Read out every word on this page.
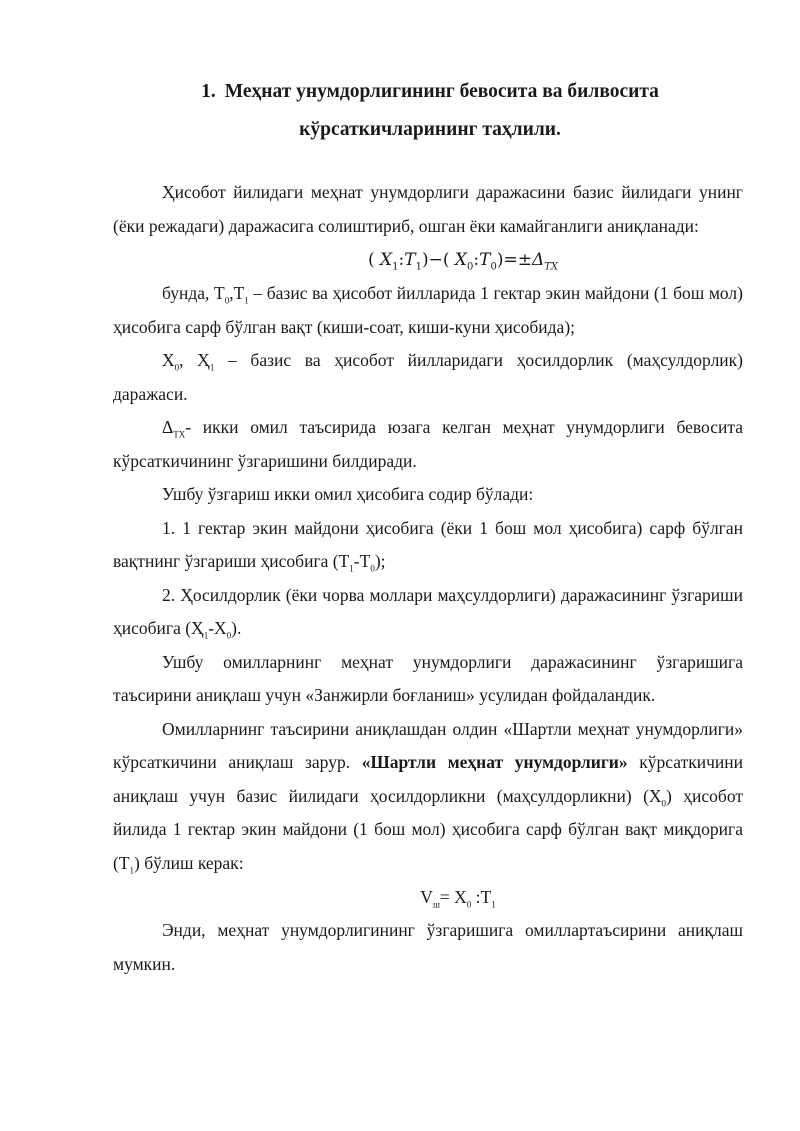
1. Меҳнат унумдорлигининг бевосита ва билвосита
кўрсаткичларининг таҳлили.

Ҳисобот йилидаги меҳнат унумдорлиги даражасини базис йилидаги унинг (ёки режадаги) даражасига солиштириб, ошган ёки камайганлиги аниқланади:

( $X_1:T_1)-$( $X_0:T_0)=\pm\Delta_{TX}$

бунда, $Т_0,Т_1$ – базис ва ҳисобот йилларида 1 гектар экин майдони (1 бош мол) ҳисобига сарф бўлган вақт (киши-соат, киши-куни ҳисобида);

$Х_0$, $Ҳ_1$ – базис ва ҳисобот йилларидаги ҳосилдорлик (маҳсулдорлик) даражаси.

$\Delta_{ТХ}-$ икки омил таъсирида юзага келган меҳнат унумдорлиги бевосита кўрсаткичининг ўзгаришини билдиради.

Ушбу ўзгариш икки омил ҳисобига содир бўлади:

1. 1 гектар экин майдони ҳисобига (ёки 1 бош мол ҳисобига) сарф бўлган вақтнинг ўзгариши ҳисобига $(Т_1-Т_0)$;

2. Ҳосилдорлик (ёки чорва моллари маҳсулдорлиги) даражасининг ўзгариши ҳисобига $(Ҳ_1-Х_0)$.

Ушбу омилларнинг меҳнат унумдорлиги даражасининг ўзгаришига таъсирини аниқлаш учун «Занжирли боғланиш» усулидан фойдаландик.

Омилларнинг таъсирини аниқлашдан олдин «Шартли меҳнат унумдорлиги» кўрсаткичини аниқлаш зарур. «Шартли меҳнат унумдорлиги» кўрсаткичини аниқлаш учун базис йилидаги ҳосилдорликни (маҳсулдорликни) $(Х_0)$ ҳисобот йилида 1 гектар экин майдони (1 бош мол) ҳисобига сарф бўлган вақт миқдорига $(Т_1)$ бўлиш керак:

$V_ш= Х_0$ $:Т_1$

Энди, меҳнат унумдорлигининг ўзгаришига омиллартаъсирини аниқлаш мумкин.
